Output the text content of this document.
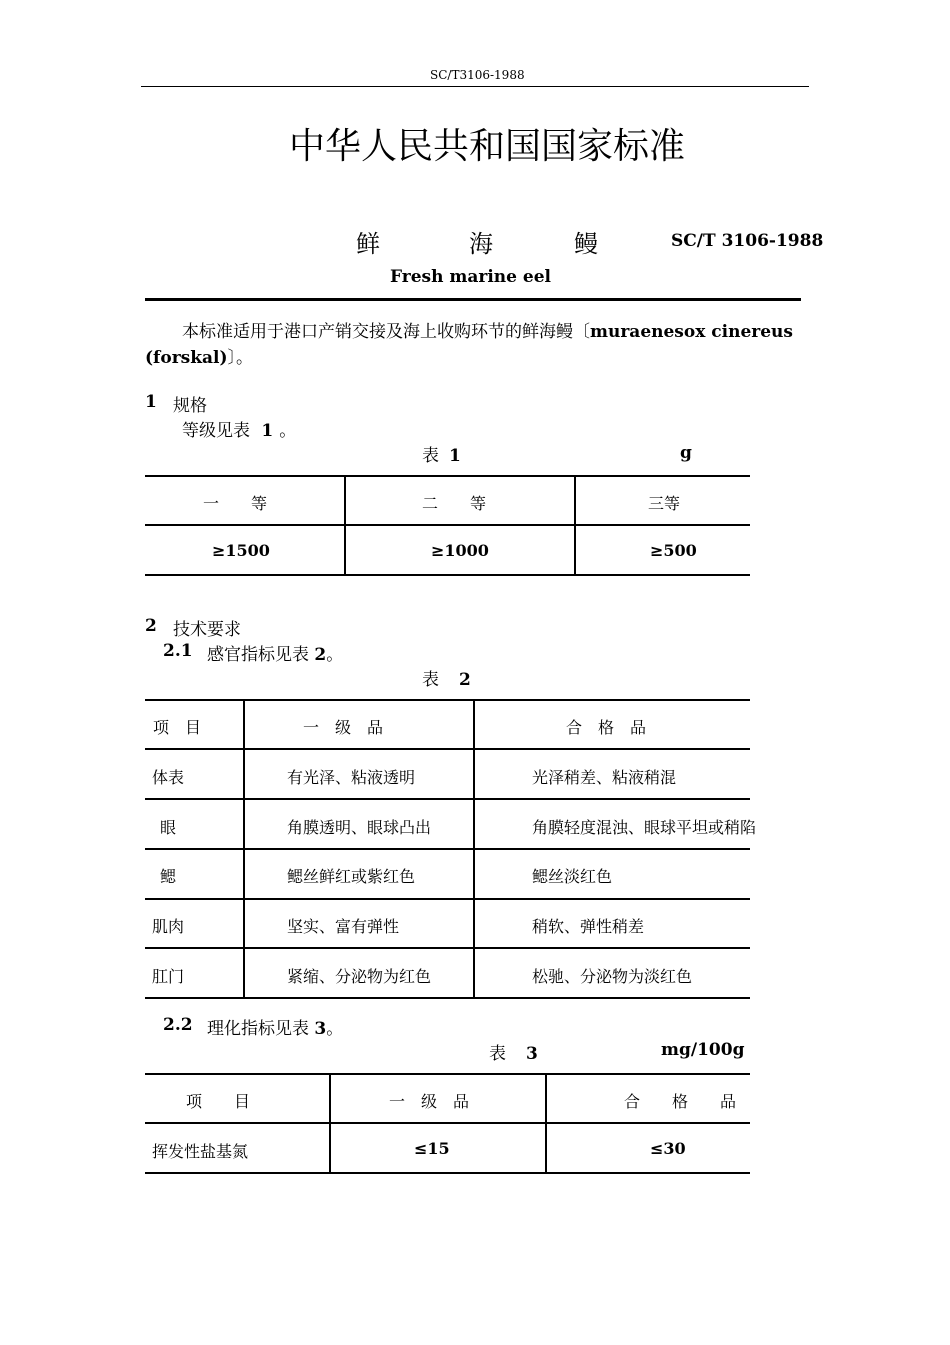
SC/T3106-1988
中华人民共和国国家标准
鲜	海	鳗	SC/T 3106-1988
Fresh marine eel
本标准适用于港口产销交接及海上收购环节的鲜海鳗〔muraenesox cinereus
(forskal)〕。
1 规格
等级见表 1 。
表 1	g
一　　等	二　　等	三等
≥1500	≥1000	≥500
2 技术要求
2.1 感官指标见表 2。
表 2
项　目	一　级　品	合　格　品
体表	有光泽、粘液透明	光泽稍差、粘液稍混
眼	角膜透明、眼球凸出	角膜轻度混浊、眼球平坦或稍陷
鳃	鳃丝鲜红或紫红色	鳃丝淡红色
肌肉	坚实、富有弹性	稍软、弹性稍差
肛门	紧缩、分泌物为红色	松驰、分泌物为淡红色
2.2 理化指标见表 3。
表 3	mg/100g
项　　目	一　级　品	合　　格　　品
挥发性盐基氮	≤15	≤30
